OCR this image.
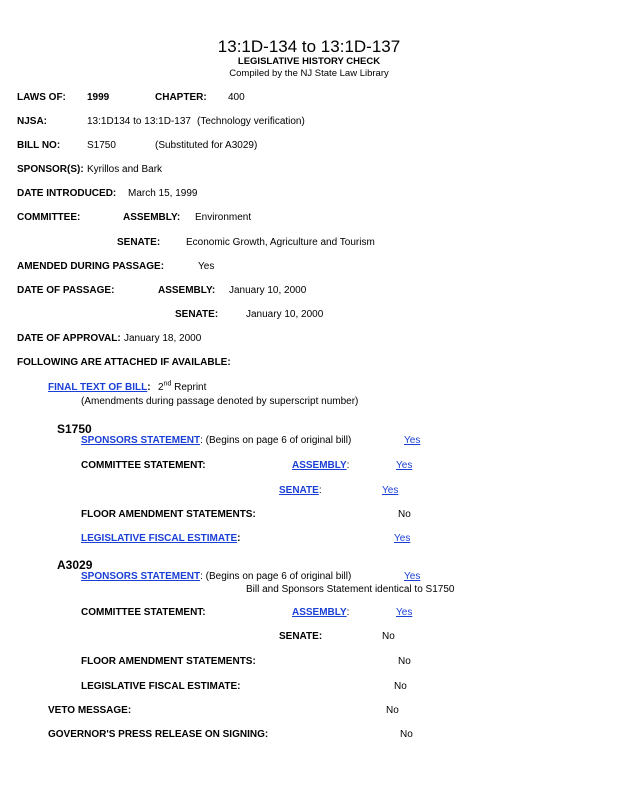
13:1D-134 to 13:1D-137
LEGISLATIVE HISTORY CHECK
Compiled by the NJ State Law Library
LAWS OF: 1999	CHAPTER: 400
NJSA:	13:1D134 to 13:1D-137 (Technology verification)
BILL NO:	S1750	(Substituted for A3029)
SPONSOR(S): Kyrillos and Bark
DATE INTRODUCED: March 15, 1999
COMMITTEE:	ASSEMBLY: Environment
SENATE:	Economic Growth, Agriculture and Tourism
AMENDED DURING PASSAGE:	Yes
DATE OF PASSAGE:	ASSEMBLY: January 10, 2000
SENATE:	January 10, 2000
DATE OF APPROVAL: January 18, 2000
FOLLOWING ARE ATTACHED IF AVAILABLE:
FINAL TEXT OF BILL: 2nd Reprint
(Amendments during passage denoted by superscript number)
S1750
SPONSORS STATEMENT: (Begins on page 6 of original bill)	Yes
COMMITTEE STATEMENT:	ASSEMBLY:	Yes
SENATE:	Yes
FLOOR AMENDMENT STATEMENTS:	No
LEGISLATIVE FISCAL ESTIMATE:	Yes
A3029
SPONSORS STATEMENT: (Begins on page 6 of original bill)	Yes
Bill and Sponsors Statement identical to S1750
COMMITTEE STATEMENT:	ASSEMBLY:	Yes
SENATE:	No
FLOOR AMENDMENT STATEMENTS:	No
LEGISLATIVE FISCAL ESTIMATE:	No
VETO MESSAGE:	No
GOVERNOR'S PRESS RELEASE ON SIGNING:	No
